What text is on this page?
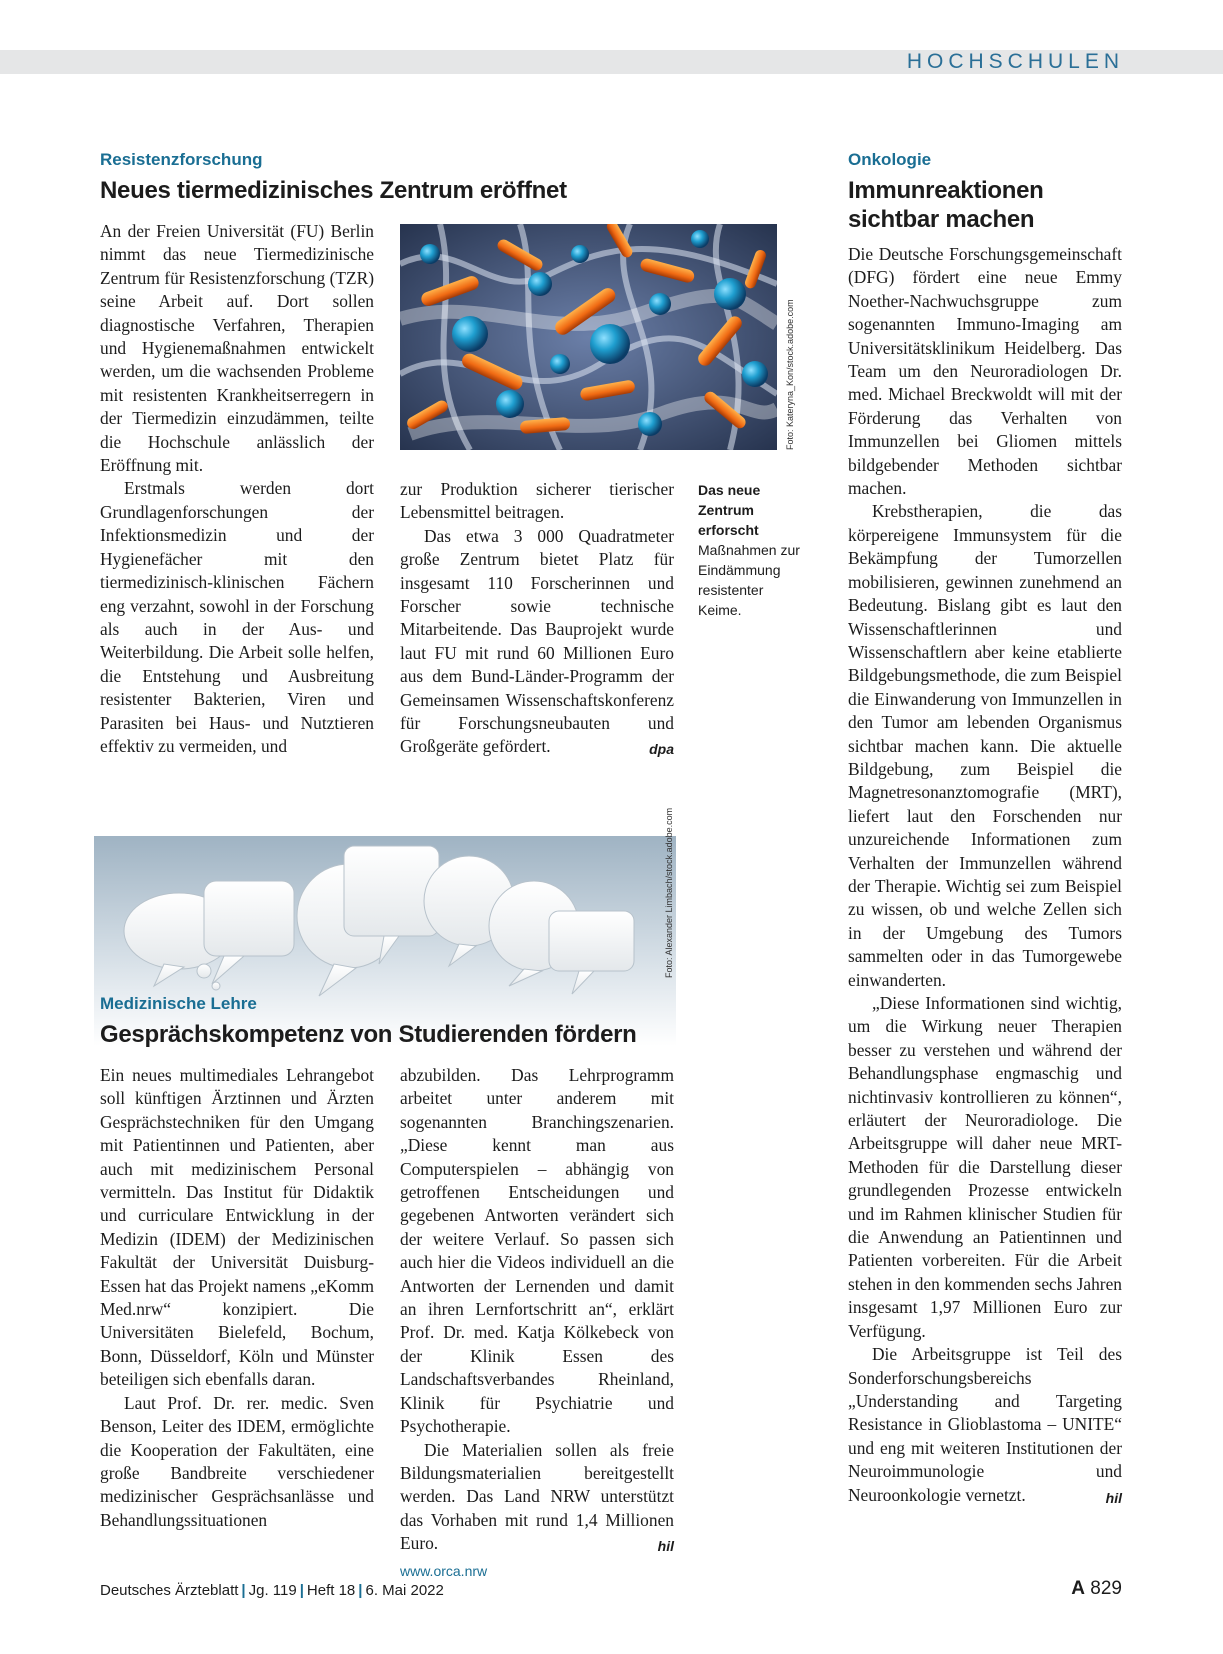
HOCHSCHULEN
Resistenzforschung
Neues tiermedizinisches Zentrum eröffnet

An der Freien Universität (FU) Berlin nimmt das neue Tiermedizinische Zentrum für Resistenzforschung (TZR) seine Arbeit auf. Dort sollen diagnostische Verfahren, Therapien und Hygienemaßnahmen entwickelt werden, um die wachsenden Probleme mit resistenten Krankheitserregern in der Tiermedizin einzudämmen, teilte die Hochschule anlässlich der Eröffnung mit.

Erstmals werden dort Grundlagenforschungen der Infektionsmedizin und der Hygienefächer mit den tiermedizinisch-klinischen Fächern eng verzahnt, sowohl in der Forschung als auch in der Aus- und Weiterbildung. Die Arbeit solle helfen, die Entstehung und Ausbreitung resistenter Bakterien, Viren und Parasiten bei Haus- und Nutztieren effektiv zu vermeiden, und

Foto: Kateryna_Kon/stock.adobe.com

zur Produktion sicherer tierischer Lebensmittel beitragen.

Das etwa 3 000 Quadratmeter große Zentrum bietet Platz für insgesamt 110 Forscherinnen und Forscher sowie technische Mitarbeitende. Das Bauprojekt wurde laut FU mit rund 60 Millionen Euro aus dem Bund-Länder-Programm der Gemeinsamen Wissenschaftskonferenz für Forschungsneubauten und Großgeräte gefördert.	dpa

Das neue Zentrum erforscht
Maßnahmen zur Eindämmung resistenter Keime.
Foto: Alexander Limbach/stock.adobe.com
Medizinische Lehre
Gesprächskompetenz von Studierenden fördern

Ein neues multimediales Lehrangebot soll künftigen Ärztinnen und Ärzten Gesprächstechniken für den Umgang mit Patientinnen und Patienten, aber auch mit medizinischem Personal vermitteln. Das Institut für Didaktik und curriculare Entwicklung in der Medizin (IDEM) der Medizinischen Fakultät der Universität Duisburg-Essen hat das Projekt namens „eKomm Med.nrw“ konzipiert. Die Universitäten Bielefeld, Bochum, Bonn, Düsseldorf, Köln und Münster beteiligen sich ebenfalls daran.

Laut Prof. Dr. rer. medic. Sven Benson, Leiter des IDEM, ermöglichte die Kooperation der Fakultäten, eine große Bandbreite verschiedener medizinischer Gesprächsanlässe und Behandlungssituationen

abzubilden. Das Lehrprogramm arbeitet unter anderem mit sogenannten Branchingszenarien. „Diese kennt man aus Computerspielen – abhängig von getroffenen Entscheidungen und gegebenen Antworten verändert sich der weitere Verlauf. So passen sich auch hier die Videos individuell an die Antworten der Lernenden und damit an ihren Lernfortschritt an“, erklärt Prof. Dr. med. Katja Kölkebeck von der Klinik Essen des Landschaftsverbandes Rheinland, Klinik für Psychiatrie und Psychotherapie.

Die Materialien sollen als freie Bildungsmaterialien bereitgestellt werden. Das Land NRW unterstützt das Vorhaben mit rund 1,4 Millionen Euro.	hil

www.orca.nrw
Onkologie
Immunreaktionen
sichtbar machen

Die Deutsche Forschungsgemeinschaft (DFG) fördert eine neue Emmy Noether-Nachwuchsgruppe zum sogenannten Immuno-Imaging am Universitätsklinikum Heidelberg. Das Team um den Neuroradiologen Dr. med. Michael Breckwoldt will mit der Förderung das Verhalten von Immunzellen bei Gliomen mittels bildgebender Methoden sichtbar machen.

Krebstherapien, die das körpereigene Immunsystem für die Bekämpfung der Tumorzellen mobilisieren, gewinnen zunehmend an Bedeutung. Bislang gibt es laut den Wissenschaftlerinnen und Wissenschaftlern aber keine etablierte Bildgebungsmethode, die zum Beispiel die Einwanderung von Immunzellen in den Tumor am lebenden Organismus sichtbar machen kann. Die aktuelle Bildgebung, zum Beispiel die Magnetresonanztomografie (MRT), liefert laut den Forschenden nur unzureichende Informationen zum Verhalten der Immunzellen während der Therapie. Wichtig sei zum Beispiel zu wissen, ob und welche Zellen sich in der Umgebung des Tumors sammelten oder in das Tumorgewebe einwanderten.

„Diese Informationen sind wichtig, um die Wirkung neuer Therapien besser zu verstehen und während der Behandlungsphase engmaschig und nichtinvasiv kontrollieren zu können“, erläutert der Neuroradiologe. Die Arbeitsgruppe will daher neue MRT-Methoden für die Darstellung dieser grundlegenden Prozesse entwickeln und im Rahmen klinischer Studien für die Anwendung an Patientinnen und Patienten vorbereiten. Für die Arbeit stehen in den kommenden sechs Jahren insgesamt 1,97 Millionen Euro zur Verfügung.

Die Arbeitsgruppe ist Teil des Sonderforschungsbereichs „Understanding and Targeting Resistance in Glioblastoma – UNITE“ und eng mit weiteren Institutionen der Neuroimmunologie und Neuroonkologie vernetzt.	hil

Deutsches Ärzteblatt | Jg. 119 | Heft 18 | 6. Mai 2022	A 829
